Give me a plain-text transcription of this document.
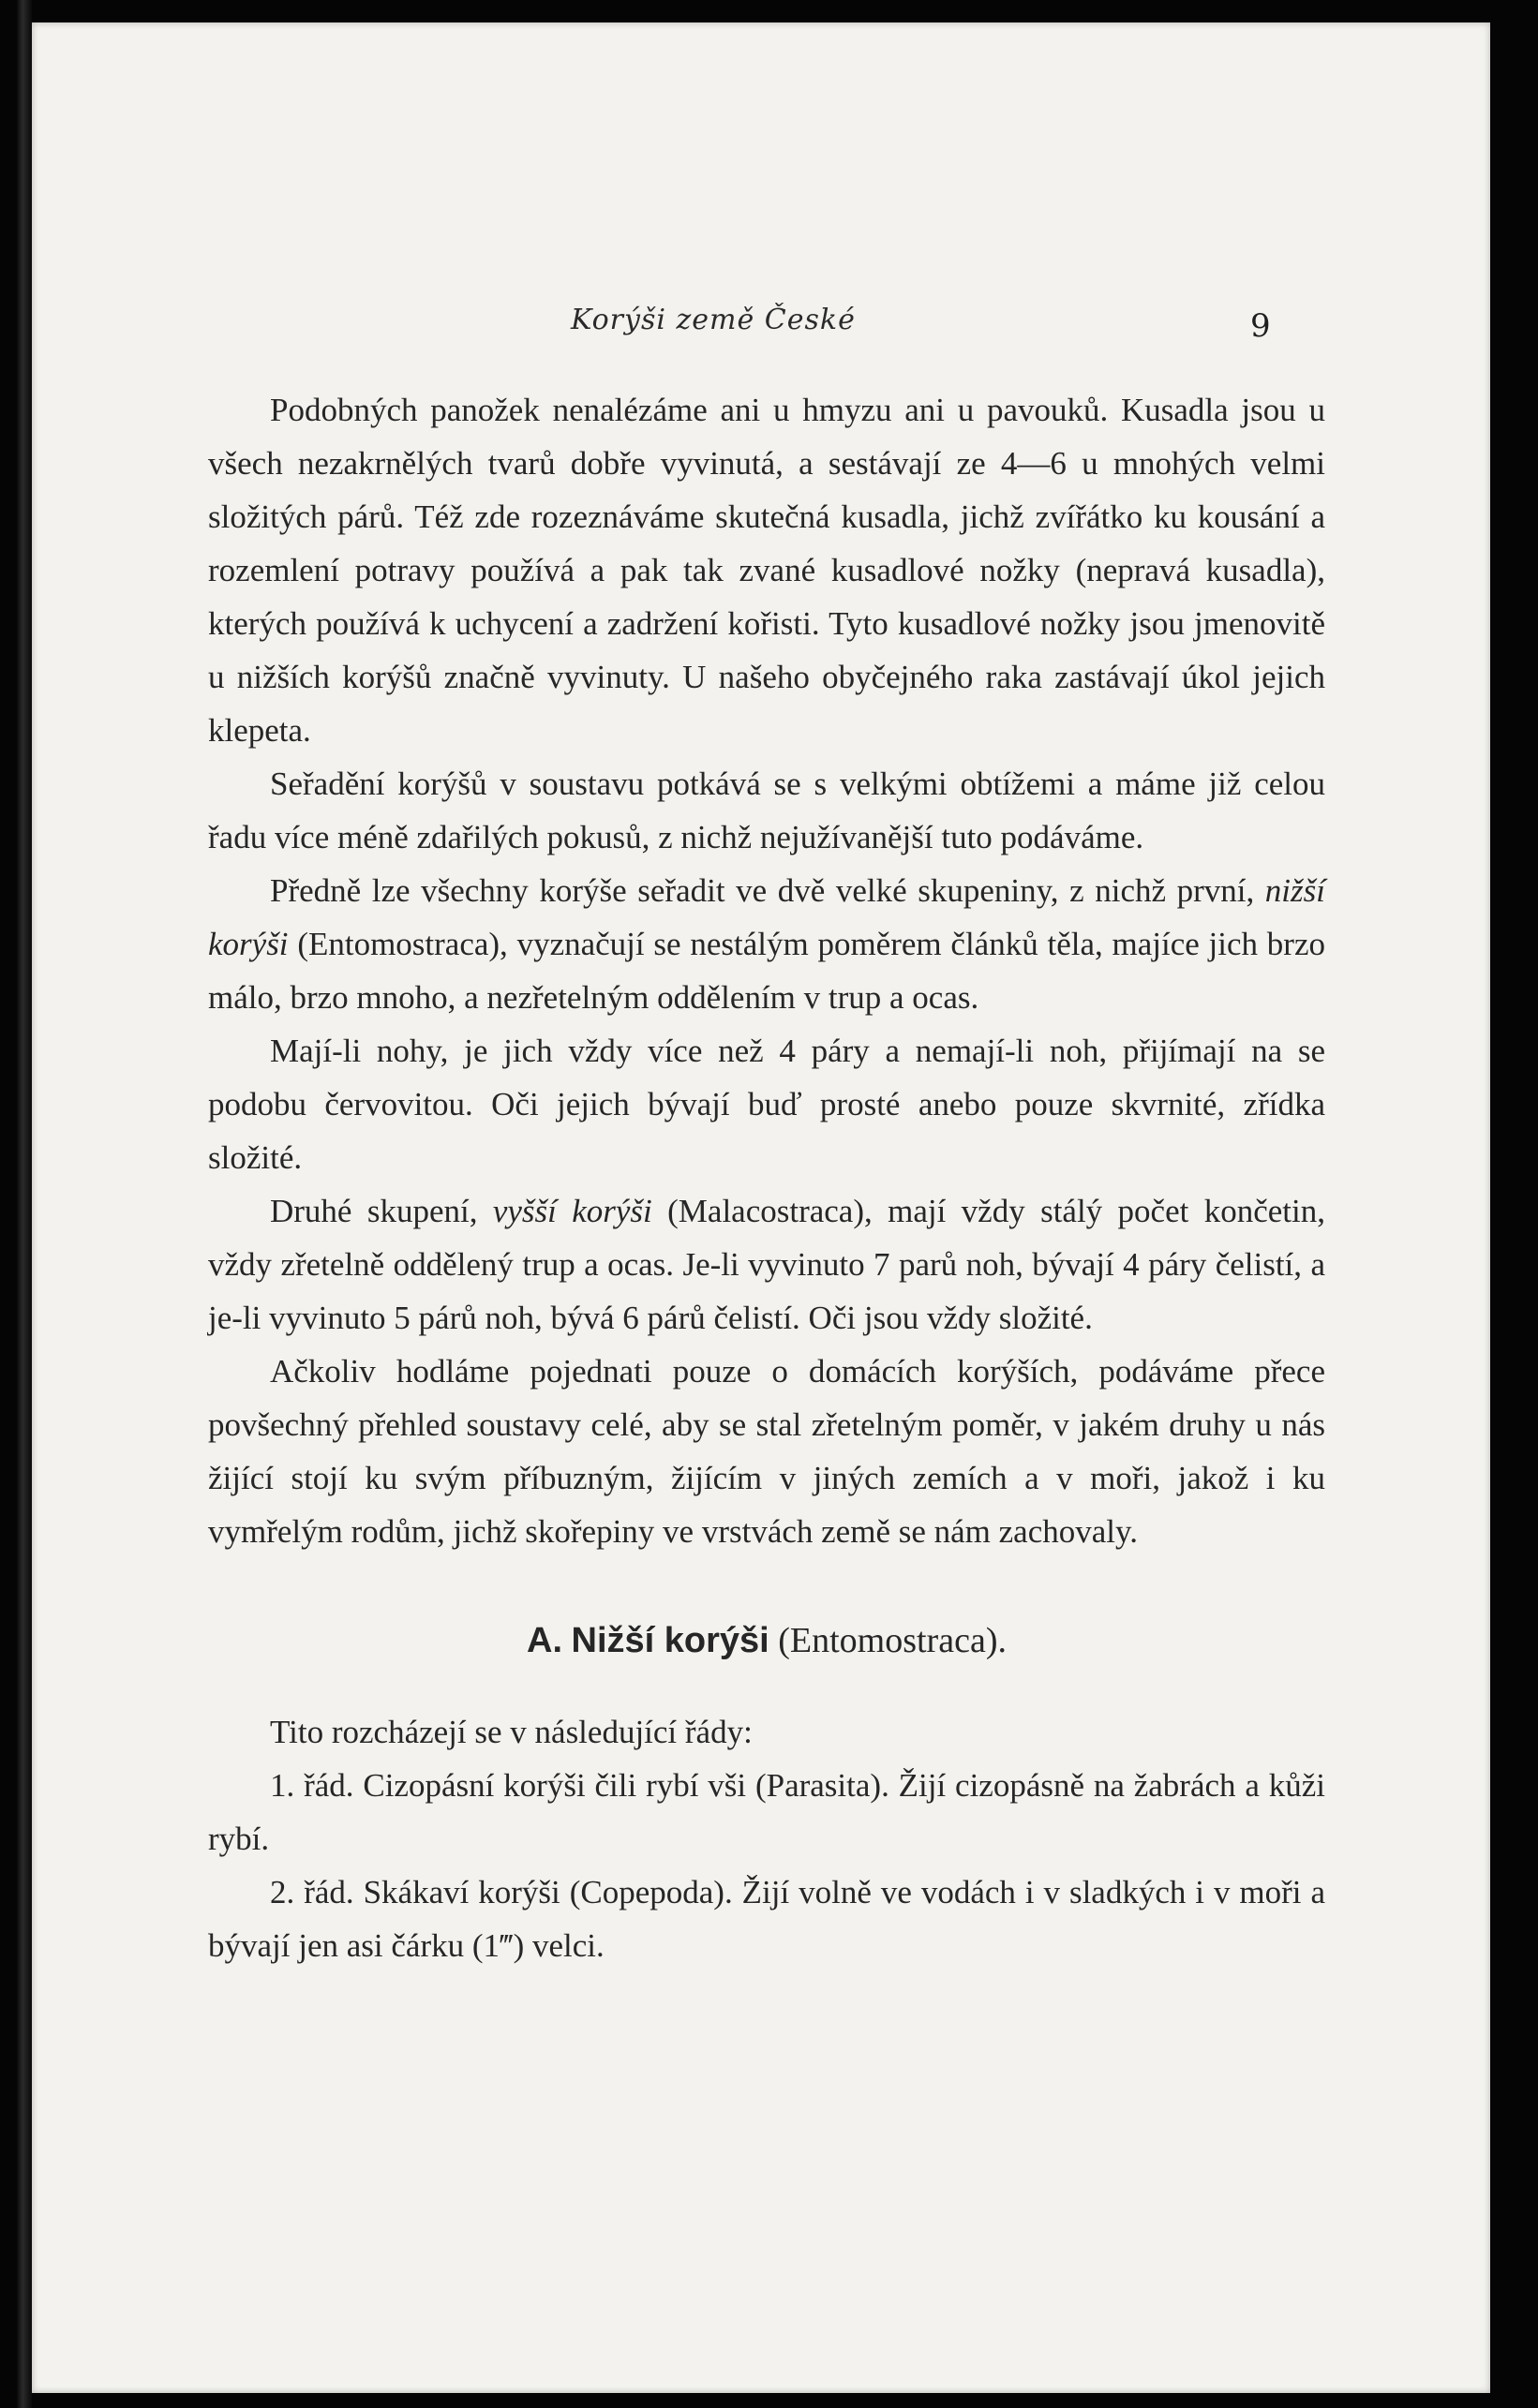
Korýši země České	9

Podobných panožek nenalézáme ani u hmyzu ani u pavouků. Kusadla jsou u všech nezakrnělých tvarů dobře vyvinutá, a sestávají ze 4—6 u mnohých velmi složitých párů. Též zde rozeznáváme skutečná kusadla, jichž zvířátko ku kousání a rozemlení potravy používá a pak tak zvané kusadlové nožky (nepravá kusadla), kterých používá k uchycení a zadržení kořisti. Tyto kusadlové nožky jsou jmenovitě u nižších korýšů značně vyvinuty. U našeho obyčejného raka zastávají úkol jejich klepeta.

Seřadění korýšů v soustavu potkává se s velkými obtížemi a máme již celou řadu více méně zdařilých pokusů, z nichž nejužívanější tuto podáváme.

Předně lze všechny korýše seřadit ve dvě velké skupeniny, z nichž první, nižší korýši (Entomostraca), vyznačují se nestálým poměrem článků těla, majíce jich brzo málo, brzo mnoho, a nezřetelným oddělením v trup a ocas.

Mají-li nohy, je jich vždy více než 4 páry a nemají-li noh, přijímají na se podobu červovitou. Oči jejich bývají buď prosté anebo pouze skvrnité, zřídka složité.

Druhé skupení, vyšší korýši (Malacostraca), mají vždy stálý počet končetin, vždy zřetelně oddělený trup a ocas. Je-li vyvinuto 7 parů noh, bývají 4 páry čelistí, a je-li vyvinuto 5 párů noh, bývá 6 párů čelistí. Oči jsou vždy složité.

Ačkoliv hodláme pojednati pouze o domácích korýších, podáváme přece povšechný přehled soustavy celé, aby se stal zřetelným poměr, v jakém druhy u nás žijící stojí ku svým příbuzným, žijícím v jiných zemích a v moři, jakož i ku vymřelým rodům, jichž skořepiny ve vrstvách země se nám zachovaly.

A. Nižší korýši (Entomostraca).

Tito rozcházejí se v následující řády:

1. řád. Cizopásní korýši čili rybí vši (Parasita). Žijí cizopásně na žabrách a kůži rybí.

2. řád. Skákaví korýši (Copepoda). Žijí volně ve vodách i v sladkých i v moři a bývají jen asi čárku (1‴) velci.
